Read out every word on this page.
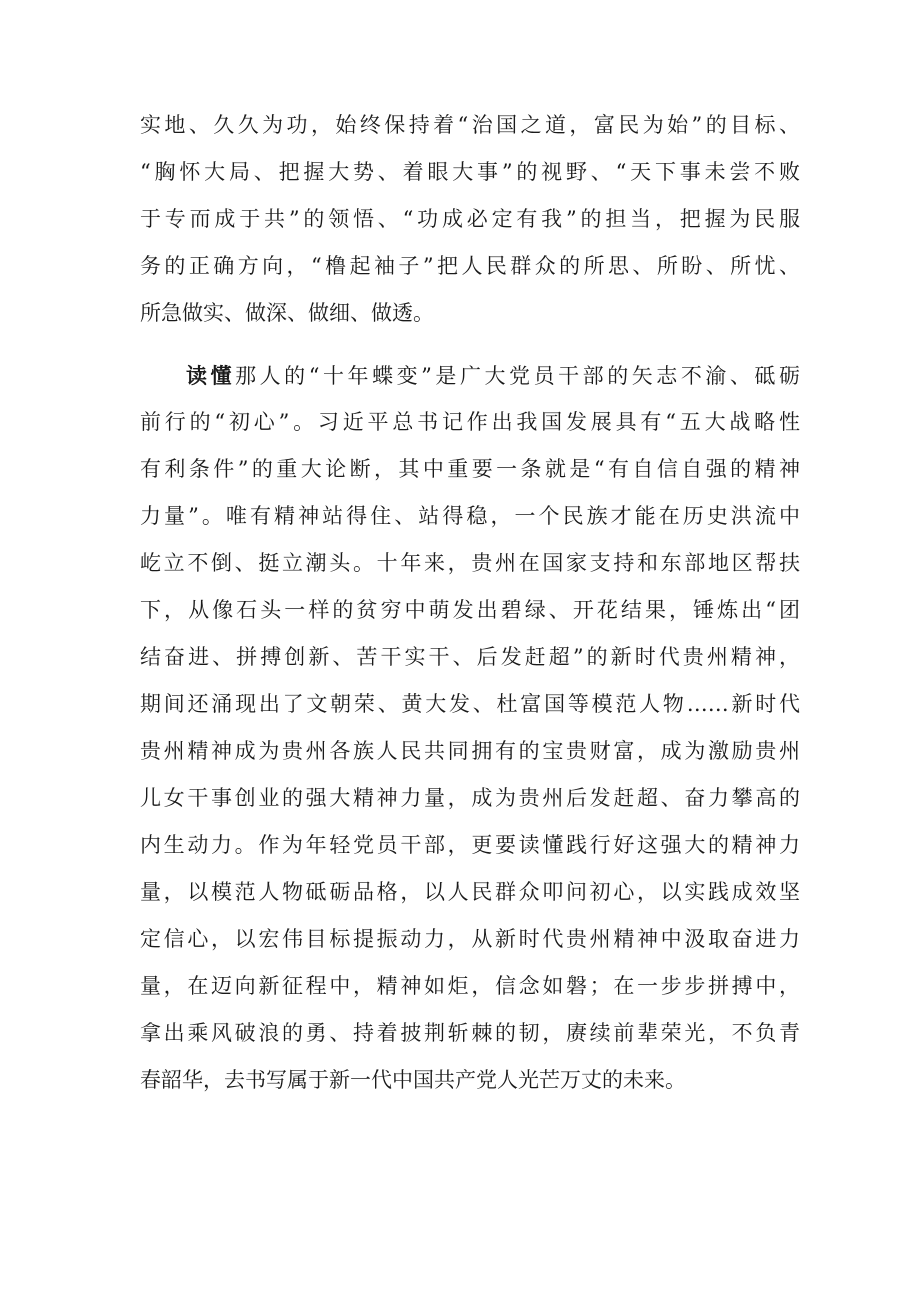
实地、久久为功，始终保持着“治国之道，富民为始”的目标、
“胸怀大局、把握大势、着眼大事”的视野、“天下事未尝不败
于专而成于共”的领悟、“功成必定有我”的担当，把握为民服
务的正确方向，“橹起袖子”把人民群众的所思、所盼、所忧、
所急做实、做深、做细、做透。
读懂那人的“十年蝶变”是广大党员干部的矢志不渝、砥砺
前行的“初心”。习近平总书记作出我国发展具有“五大战略性
有利条件”的重大论断，其中重要一条就是“有自信自强的精神
力量”。唯有精神站得住、站得稳，一个民族才能在历史洪流中
屹立不倒、挺立潮头。十年来，贵州在国家支持和东部地区帮扶
下，从像石头一样的贫穷中萌发出碧绿、开花结果，锤炼出“团
结奋进、拼搏创新、苦干实干、后发赶超”的新时代贵州精神，
期间还涌现出了文朝荣、黄大发、杜富国等模范人物……新时代
贵州精神成为贵州各族人民共同拥有的宝贵财富，成为激励贵州
儿女干事创业的强大精神力量，成为贵州后发赶超、奋力攀高的
内生动力。作为年轻党员干部，更要读懂践行好这强大的精神力
量，以模范人物砥砺品格，以人民群众叩问初心，以实践成效坚
定信心，以宏伟目标提振动力，从新时代贵州精神中汲取奋进力
量，在迈向新征程中，精神如炬，信念如磐；在一步步拼搏中，
拿出乘风破浪的勇、持着披荆斩棘的韧，赓续前辈荣光，不负青
春韶华，去书写属于新一代中国共产党人光芒万丈的未来。
